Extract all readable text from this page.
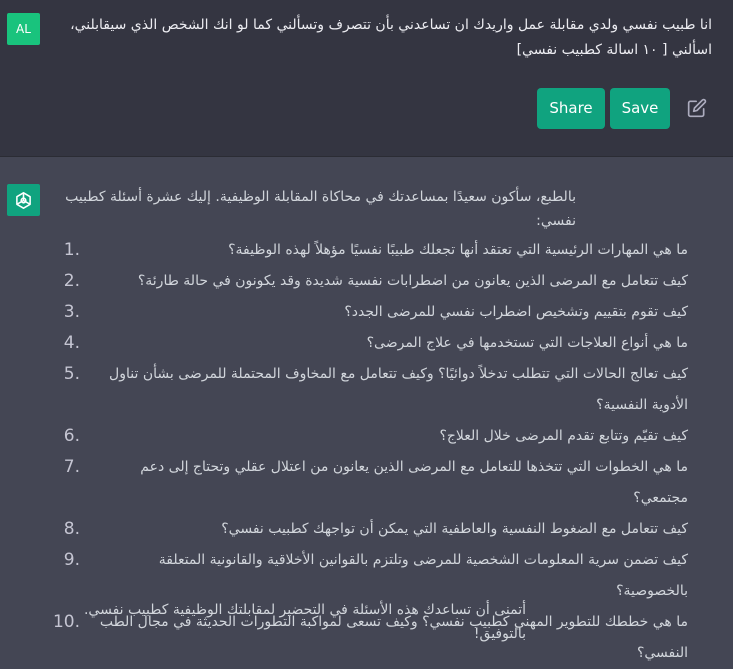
AL	انا طبيب نفسي ولدي مقابلة عمل واريدك ان تساعدني بأن تتصرف وتسألني كما لو انك الشخص الذي سيقابلني، اسألني [ ١٠ اسالة كطبيب نفسي]
Share	Save
بالطبع، سأكون سعيدًا بمساعدتك في محاكاة المقابلة الوظيفية. إليك عشرة أسئلة كطبيب نفسي:
1.	ما هي المهارات الرئيسية التي تعتقد أنها تجعلك طبيبًا نفسيًا مؤهلاً لهذه الوظيفة؟
2.	كيف تتعامل مع المرضى الذين يعانون من اضطرابات نفسية شديدة وقد يكونون في حالة طارئة؟
3.	كيف تقوم بتقييم وتشخيص اضطراب نفسي للمرضى الجدد؟
4.	ما هي أنواع العلاجات التي تستخدمها في علاج المرضى؟
5.	كيف تعالج الحالات التي تتطلب تدخلاً دوائيًا؟ وكيف تتعامل مع المخاوف المحتملة للمرضى بشأن تناول الأدوية النفسية؟
6.	كيف تقيّم وتتابع تقدم المرضى خلال العلاج؟
7.	ما هي الخطوات التي تتخذها للتعامل مع المرضى الذين يعانون من اعتلال عقلي وتحتاج إلى دعم مجتمعي؟
8.	كيف تتعامل مع الضغوط النفسية والعاطفية التي يمكن أن تواجهك كطبيب نفسي؟
9.	كيف تضمن سرية المعلومات الشخصية للمرضى وتلتزم بالقوانين الأخلاقية والقانونية المتعلقة بالخصوصية؟
10.	ما هي خططك للتطوير المهني كطبيب نفسي؟ وكيف تسعى لمواكبة التطورات الحديثة في مجال الطب النفسي؟
أتمنى أن تساعدك هذه الأسئلة في التحضير لمقابلتك الوظيفية كطبيب نفسي. بالتوفيق!
